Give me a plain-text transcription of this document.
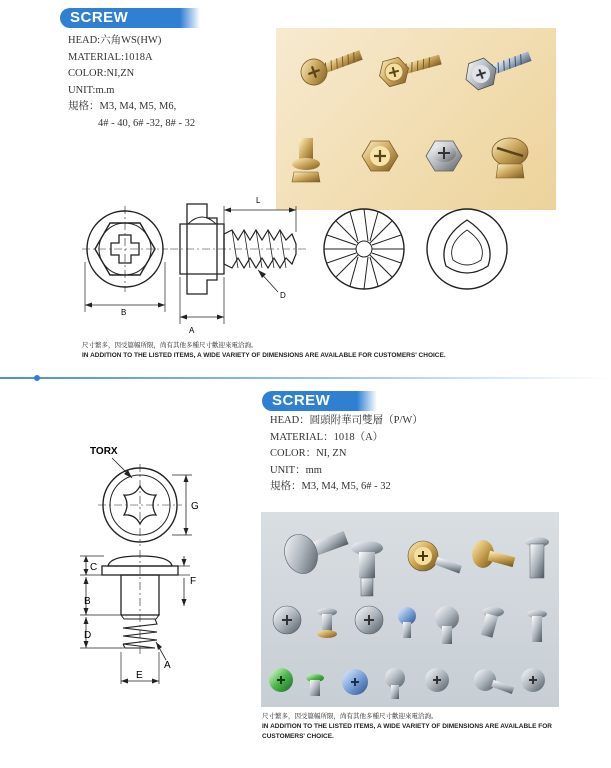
SCREW
HEAD:六角WS(HW)
MATERIAL:1018A
COLOR:NI,ZN
UNIT:m.m
規格：M3, M4, M5, M6,
4# - 40, 6# -32, 8# - 32
B
L
A
D
尺寸繁多，因受篇幅所限，尚有其他多種尺寸歡迎來電洽詢。
IN ADDITION TO THE LISTED ITEMS, A WIDE VARIETY OF DIMENSIONS ARE AVAILABLE FOR CUSTOMERS' CHOICE.
SCREW
HEAD：圓頭附華司雙層（P/W）
MATERIAL：1018（A）
COLOR：NI, ZN
UNIT：mm
規格：M3, M4, M5, 6# - 32
TORX
G
C
F
B
D
A
E
尺寸繁多，因受篇幅所限，尚有其他多種尺寸歡迎來電洽詢。
IN ADDITION TO THE LISTED ITEMS, A WIDE VARIETY OF DIMENSIONS ARE AVAILABLE FOR
CUSTOMERS' CHOICE.
